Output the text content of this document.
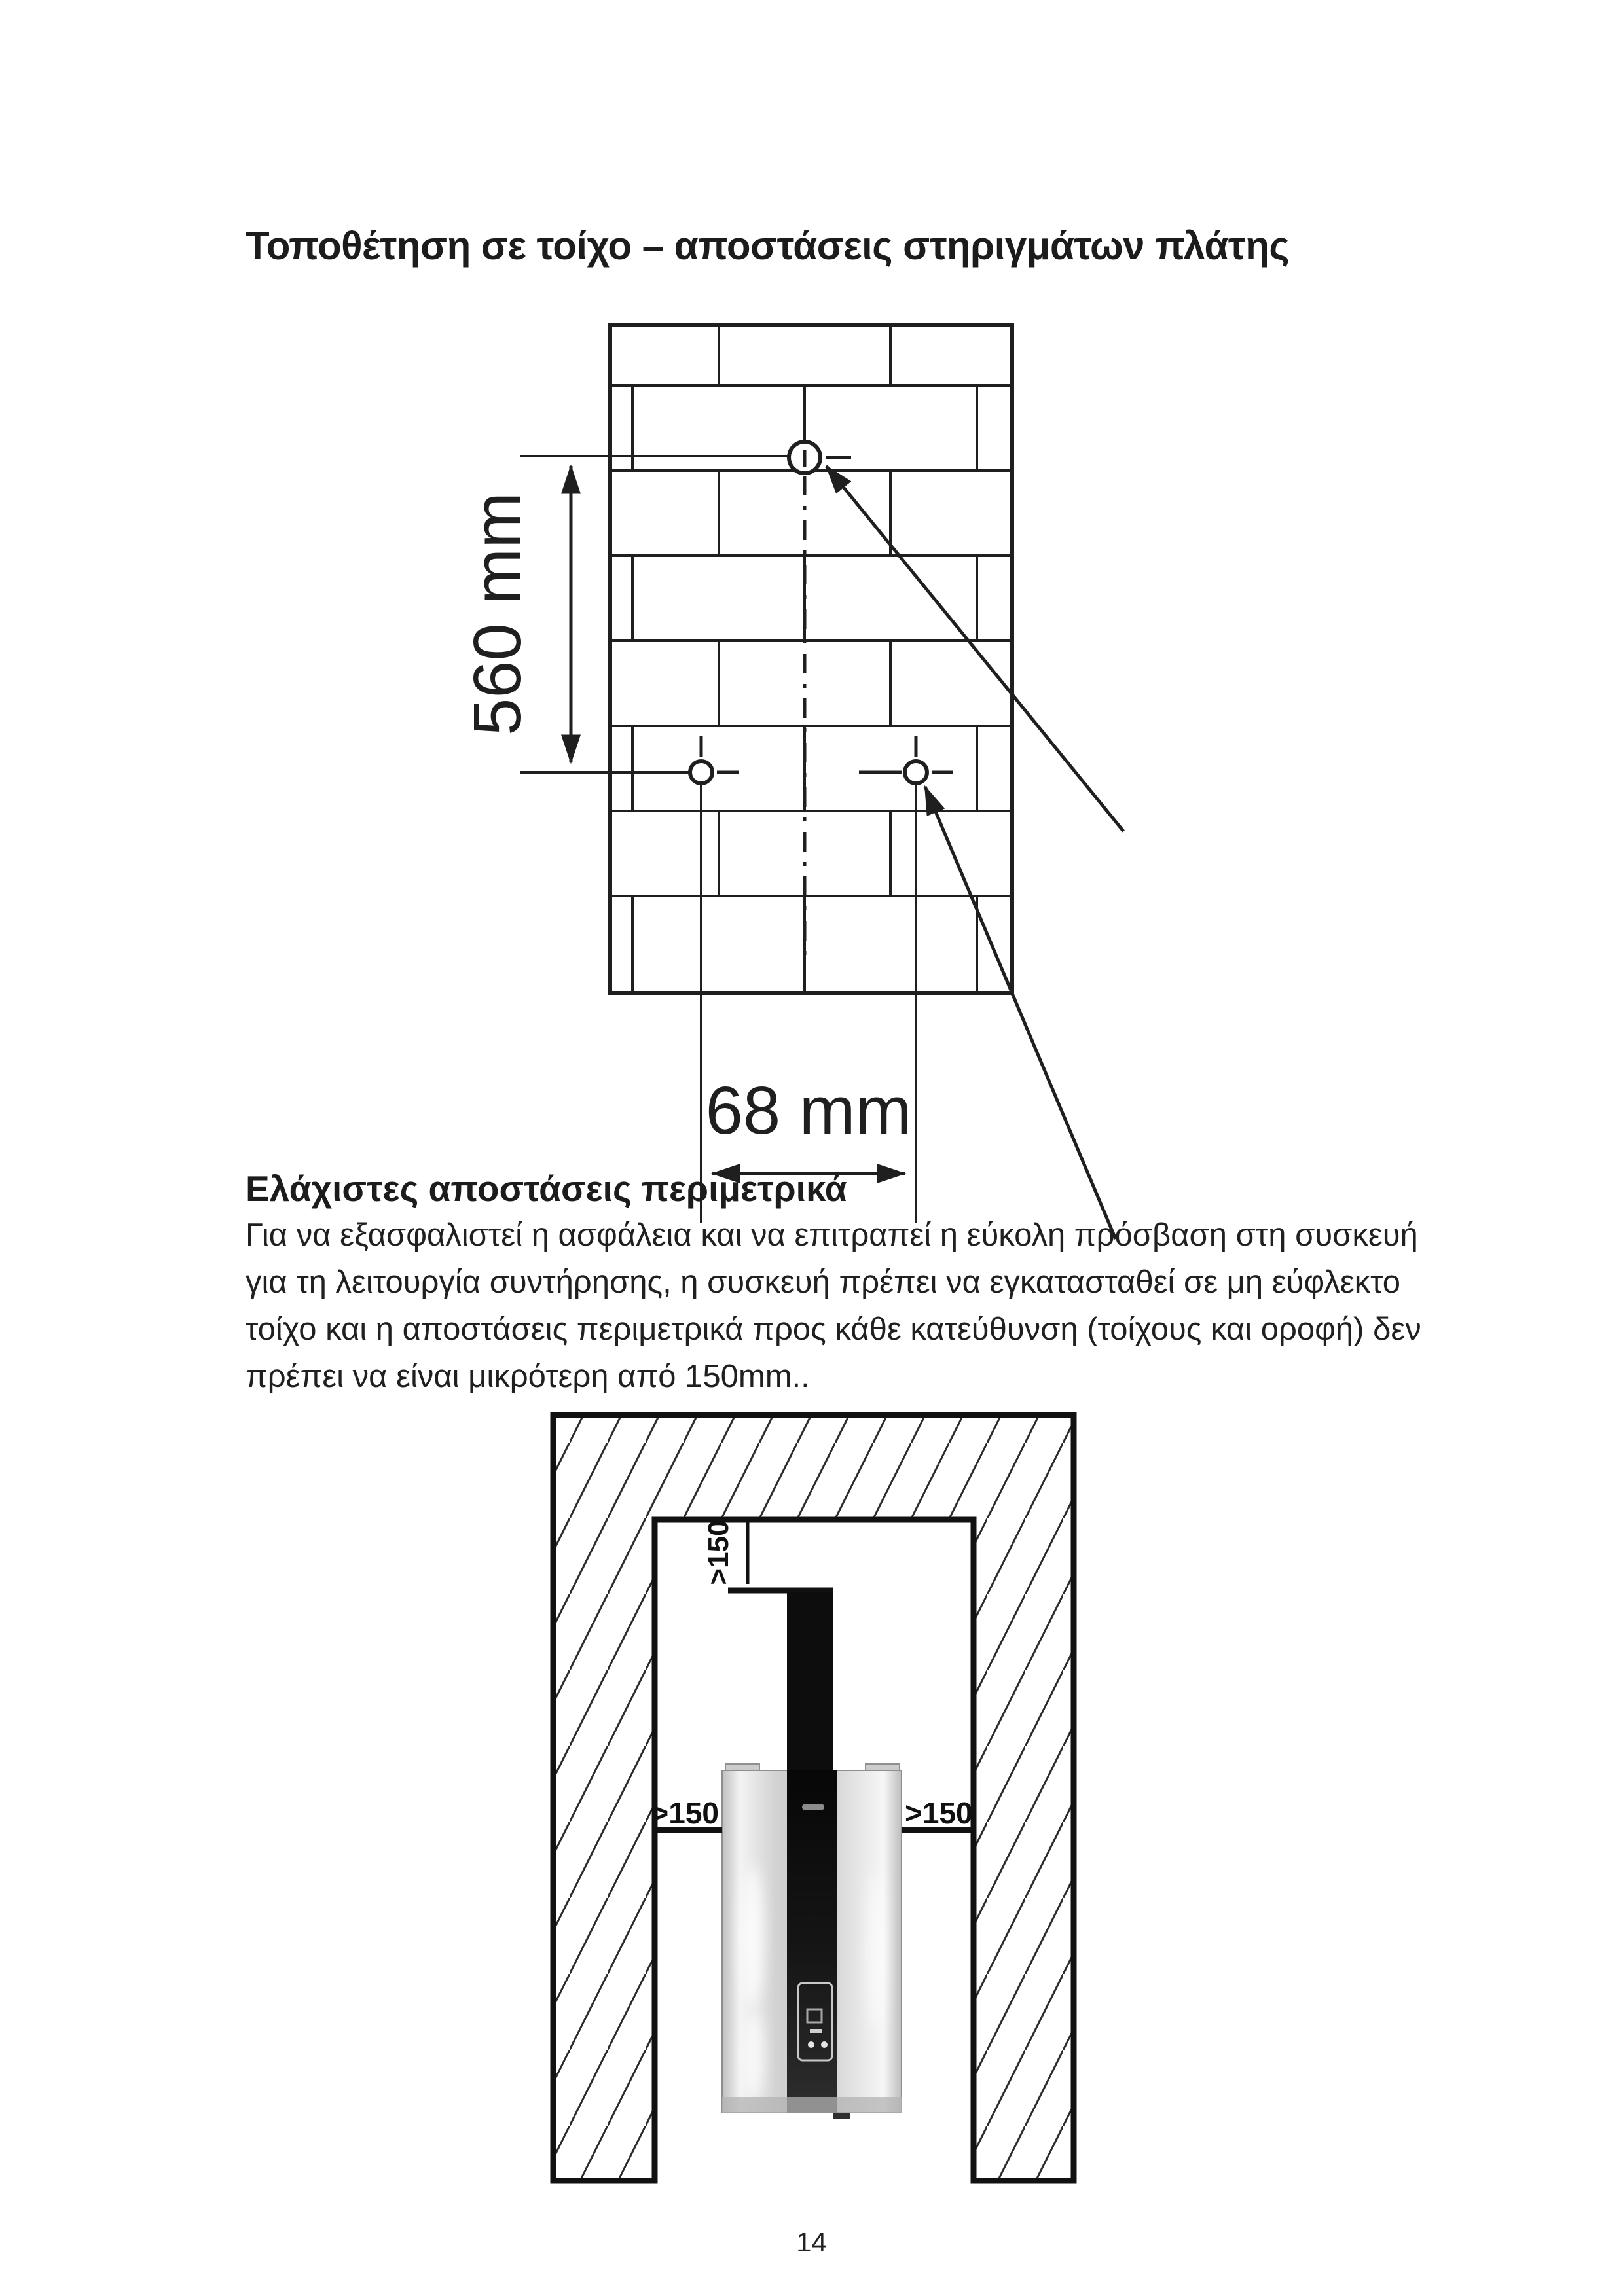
Τοποθέτηση σε τοίχο – αποστάσεις στηριγμάτων πλάτης
560 mm
68 mm
Ελάχιστες αποστάσεις περιμετρικά
Για να εξασφαλιστεί η ασφάλεια και να επιτραπεί η εύκολη πρόσβαση στη συσκευή
για τη λειτουργία συντήρησης, η συσκευή πρέπει να εγκατασταθεί σε μη εύφλεκτο
τοίχο και η αποστάσεις περιμετρικά προς κάθε κατεύθυνση (τοίχους και οροφή) δεν
πρέπει να είναι μικρότερη από 150mm..
>150
>150	>150
14
